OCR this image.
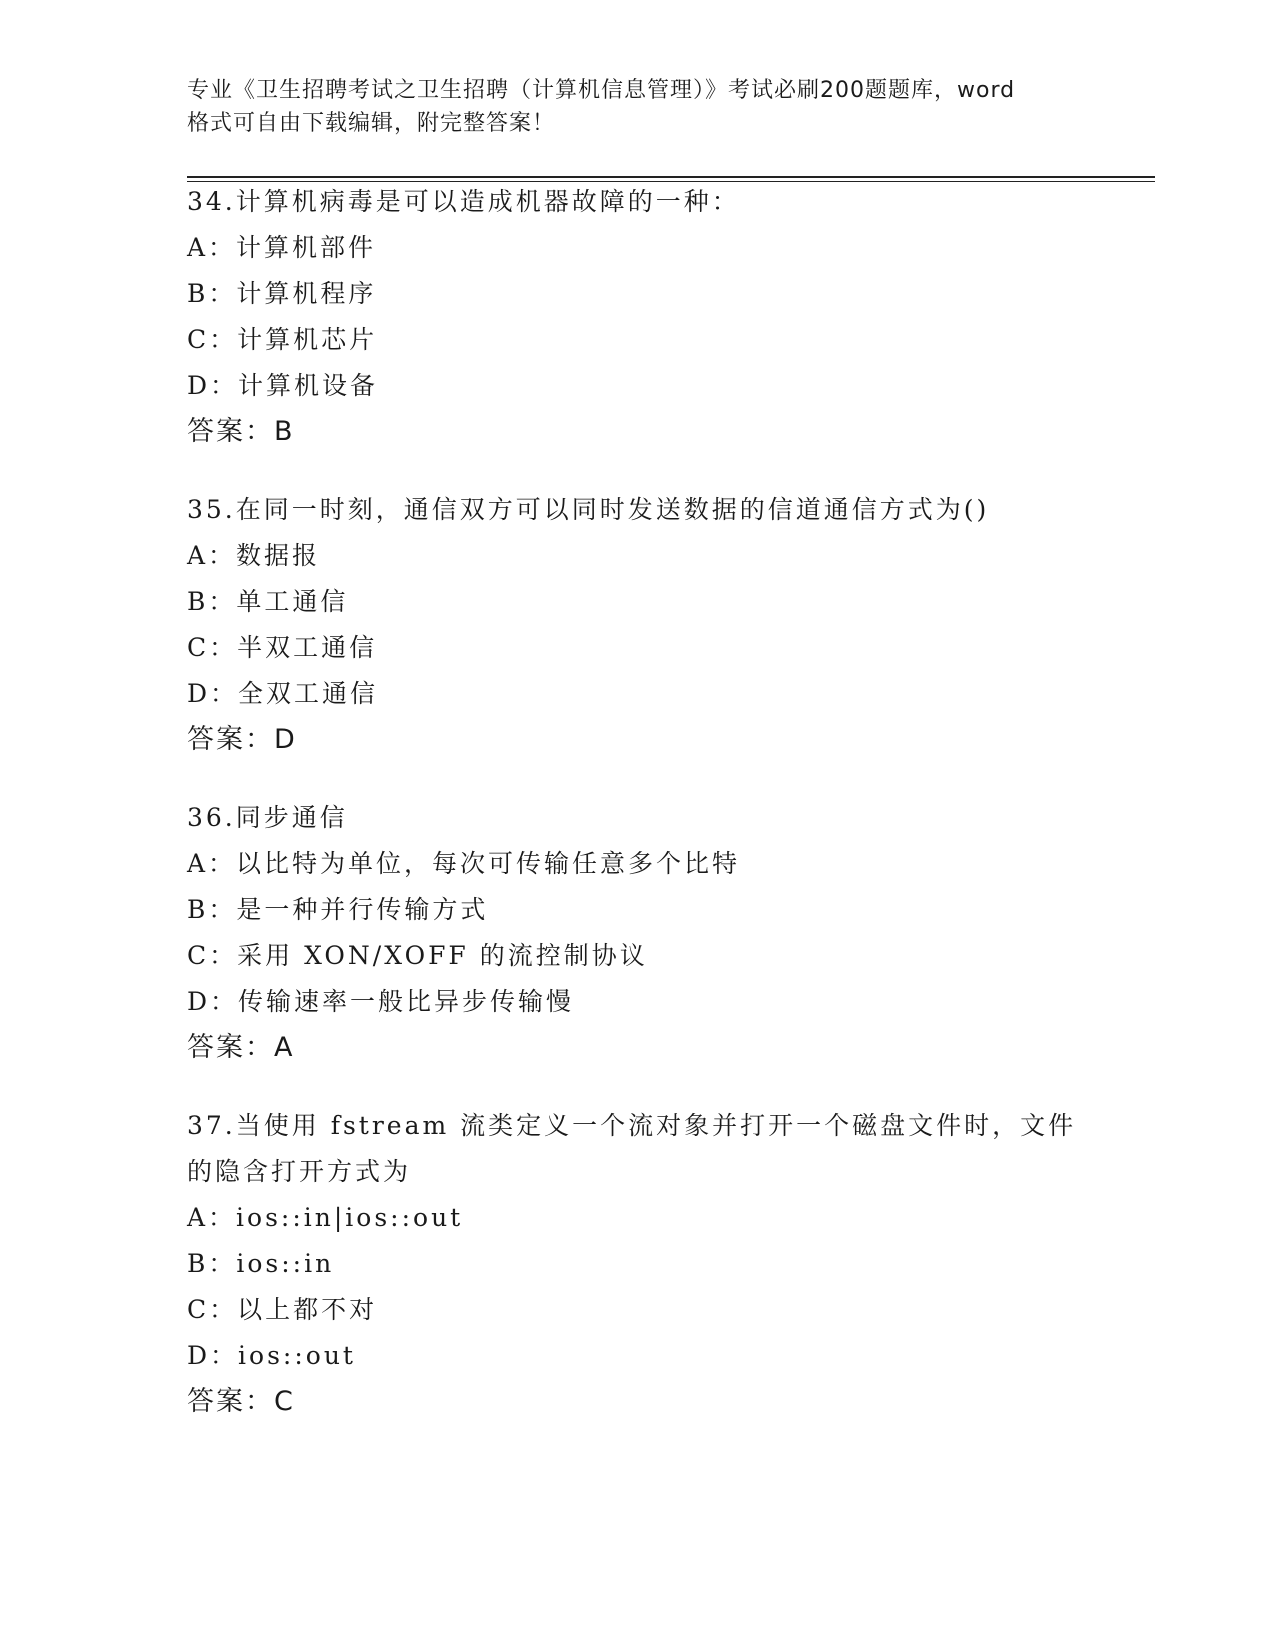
专业《卫生招聘考试之卫生招聘（计算机信息管理）》考试必刷200题题库，word
格式可自由下载编辑，附完整答案！
34.计算机病毒是可以造成机器故障的一种：
A：计算机部件
B：计算机程序
C：计算机芯片
D：计算机设备
答案：B
35.在同一时刻，通信双方可以同时发送数据的信道通信方式为()
A：数据报
B：单工通信
C：半双工通信
D：全双工通信
答案：D
36.同步通信
A：以比特为单位，每次可传输任意多个比特
B：是一种并行传输方式
C：采用 XON/XOFF 的流控制协议
D：传输速率一般比异步传输慢
答案：A
37.当使用 fstream 流类定义一个流对象并打开一个磁盘文件时，文件
的隐含打开方式为
A：ios::in|ios::out
B：ios::in
C：以上都不对
D：ios::out
答案：C
